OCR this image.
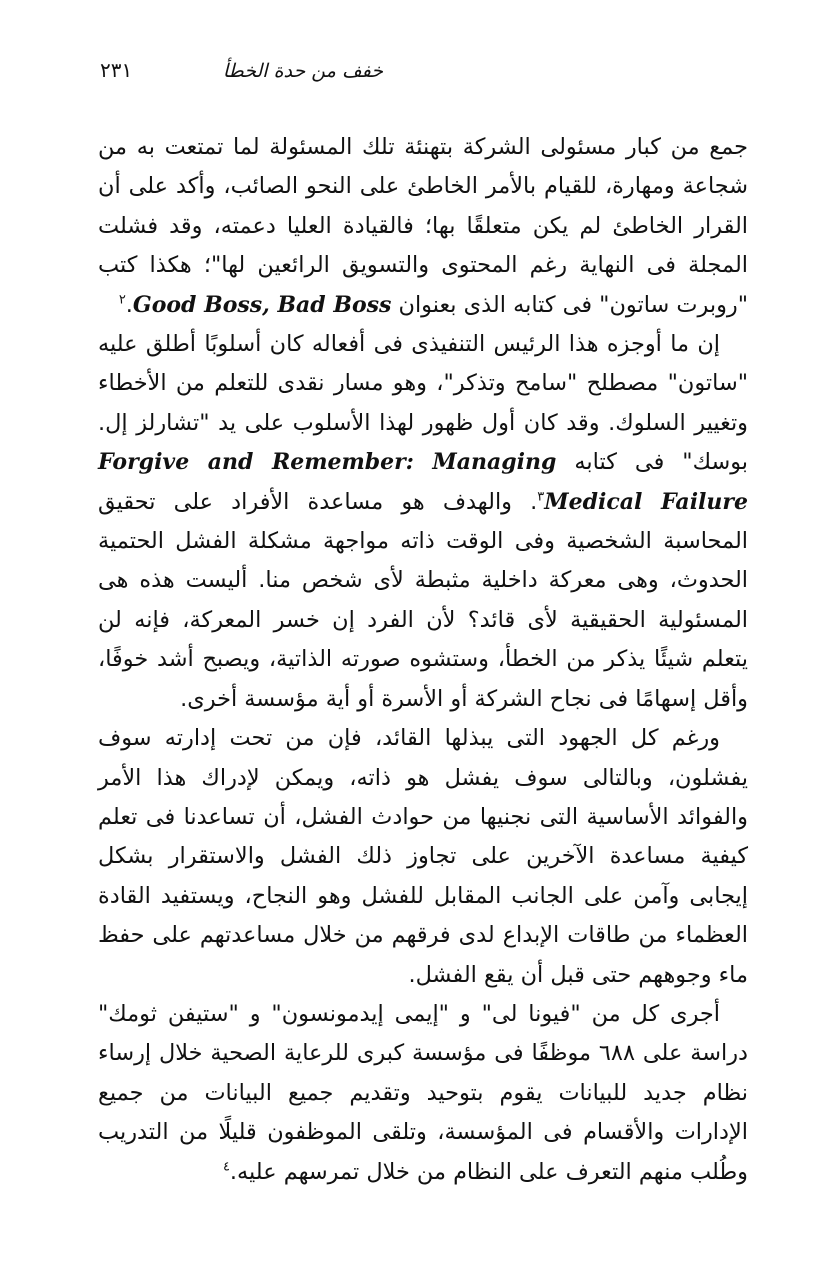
خفف من حدة الخطأ
٢٣١

جمع من كبار مسئولى الشركة بتهنئة تلك المسئولة لما تمتعت به من شجاعة ومهارة، للقيام بالأمر الخاطئ على النحو الصائب، وأكد على أن القرار الخاطئ لم يكن متعلقًا بها؛ فالقيادة العليا دعمته، وقد فشلت المجلة فى النهاية رغم المحتوى والتسويق الرائعين لها"؛ هكذا كتب "روبرت ساتون" فى كتابه الذى بعنوان Good Boss, Bad Boss.$^٢$

إن ما أوجزه هذا الرئيس التنفيذى فى أفعاله كان أسلوبًا أطلق عليه "ساتون" مصطلح "سامح وتذكر"، وهو مسار نقدى للتعلم من الأخطاء وتغيير السلوك. وقد كان أول ظهور لهذا الأسلوب على يد "تشارلز إل. بوسك" فى كتابه Forgive and Remember: Managing Medical Failure$^٣$. والهدف هو مساعدة الأفراد على تحقيق المحاسبة الشخصية وفى الوقت ذاته مواجهة مشكلة الفشل الحتمية الحدوث، وهى معركة داخلية مثبطة لأى شخص منا. أليست هذه هى المسئولية الحقيقية لأى قائد؟ لأن الفرد إن خسر المعركة، فإنه لن يتعلم شيئًا يذكر من الخطأ، وستشوه صورته الذاتية، ويصبح أشد خوفًا، وأقل إسهامًا فى نجاح الشركة أو الأسرة أو أية مؤسسة أخرى.

ورغم كل الجهود التى يبذلها القائد، فإن من تحت إدارته سوف يفشلون، وبالتالى سوف يفشل هو ذاته، ويمكن لإدراك هذا الأمر والفوائد الأساسية التى نجنيها من حوادث الفشل، أن تساعدنا فى تعلم كيفية مساعدة الآخرين على تجاوز ذلك الفشل والاستقرار بشكل إيجابى وآمن على الجانب المقابل للفشل وهو النجاح، ويستفيد القادة العظماء من طاقات الإبداع لدى فرقهم من خلال مساعدتهم على حفظ ماء وجوههم حتى قبل أن يقع الفشل.

أجرى كل من "فيونا لى" و "إيمى إيدمونسون" و "ستيفن ثومك" دراسة على ٦٨٨ موظفًا فى مؤسسة كبرى للرعاية الصحية خلال إرساء نظام جديد للبيانات يقوم بتوحيد وتقديم جميع البيانات من جميع الإدارات والأقسام فى المؤسسة، وتلقى الموظفون قليلًا من التدريب وطُلب منهم التعرف على النظام من خلال تمرسهم عليه.$^٤$
